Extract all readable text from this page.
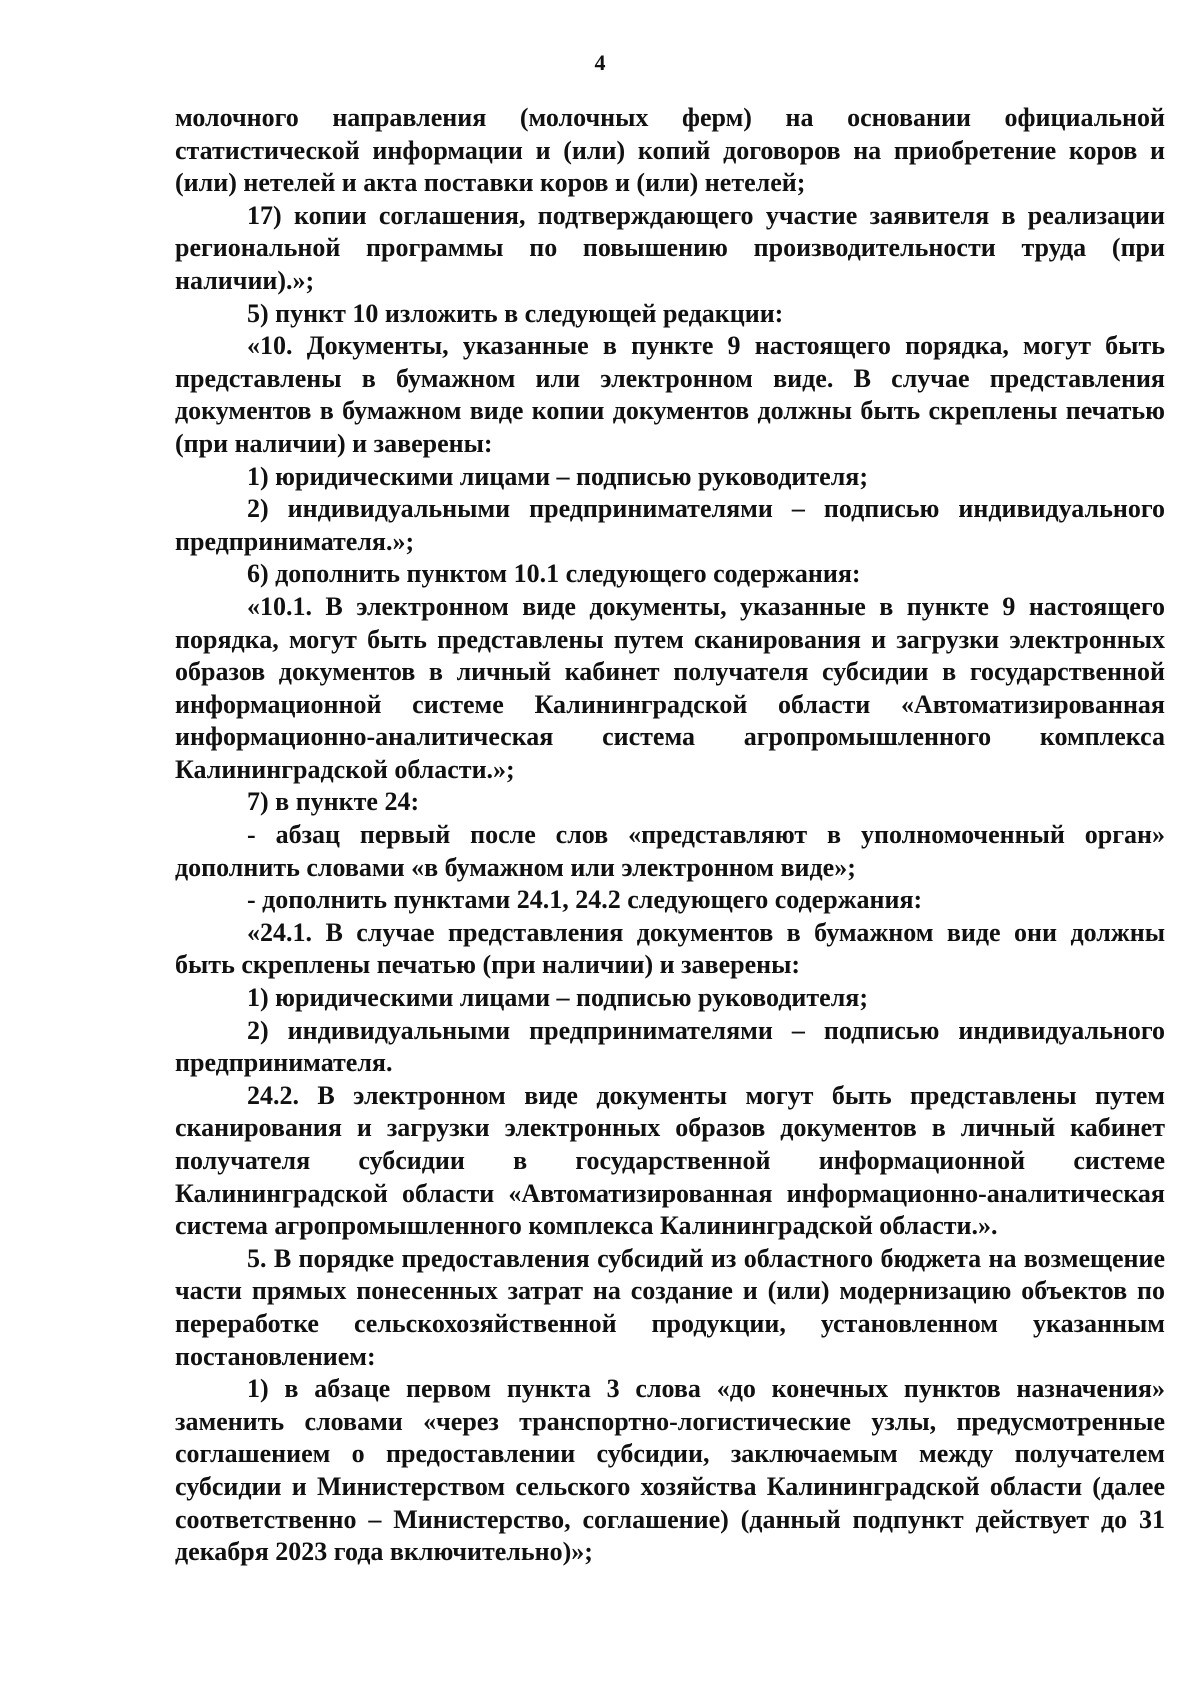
4

молочного направления (молочных ферм) на основании официальной статистической информации и (или) копий договоров на приобретение коров и (или) нетелей и акта поставки коров и (или) нетелей;

17) копии соглашения, подтверждающего участие заявителя в реализации региональной программы по повышению производительности труда (при наличии).»;

5) пункт 10 изложить в следующей редакции:

«10. Документы, указанные в пункте 9 настоящего порядка, могут быть представлены в бумажном или электронном виде. В случае представления документов в бумажном виде копии документов должны быть скреплены печатью (при наличии) и заверены:

1) юридическими лицами – подписью руководителя;

2) индивидуальными предпринимателями – подписью индивидуального предпринимателя.»;

6) дополнить пунктом 10.1 следующего содержания:

«10.1. В электронном виде документы, указанные в пункте 9 настоящего порядка, могут быть представлены путем сканирования и загрузки электронных образов документов в личный кабинет получателя субсидии в государственной информационной системе Калининградской области «Автоматизированная информационно-аналитическая система агропромышленного комплекса Калининградской области.»;

7) в пункте 24:

- абзац первый после слов «представляют в уполномоченный орган» дополнить словами «в бумажном или электронном виде»;

- дополнить пунктами 24.1, 24.2 следующего содержания:

«24.1. В случае представления документов в бумажном виде они должны быть скреплены печатью (при наличии) и заверены:

1) юридическими лицами – подписью руководителя;

2) индивидуальными предпринимателями – подписью индивидуального предпринимателя.

24.2. В электронном виде документы могут быть представлены путем сканирования и загрузки электронных образов документов в личный кабинет получателя субсидии в государственной информационной системе Калининградской области «Автоматизированная информационно-аналитическая система агропромышленного комплекса Калининградской области.».

5. В порядке предоставления субсидий из областного бюджета на возмещение части прямых понесенных затрат на создание и (или) модернизацию объектов по переработке сельскохозяйственной продукции, установленном указанным постановлением:

1) в абзаце первом пункта 3 слова «до конечных пунктов назначения» заменить словами «через транспортно-логистические узлы, предусмотренные соглашением о предоставлении субсидии, заключаемым между получателем субсидии и Министерством сельского хозяйства Калининградской области (далее соответственно – Министерство, соглашение) (данный подпункт действует до 31 декабря 2023 года включительно)»;
